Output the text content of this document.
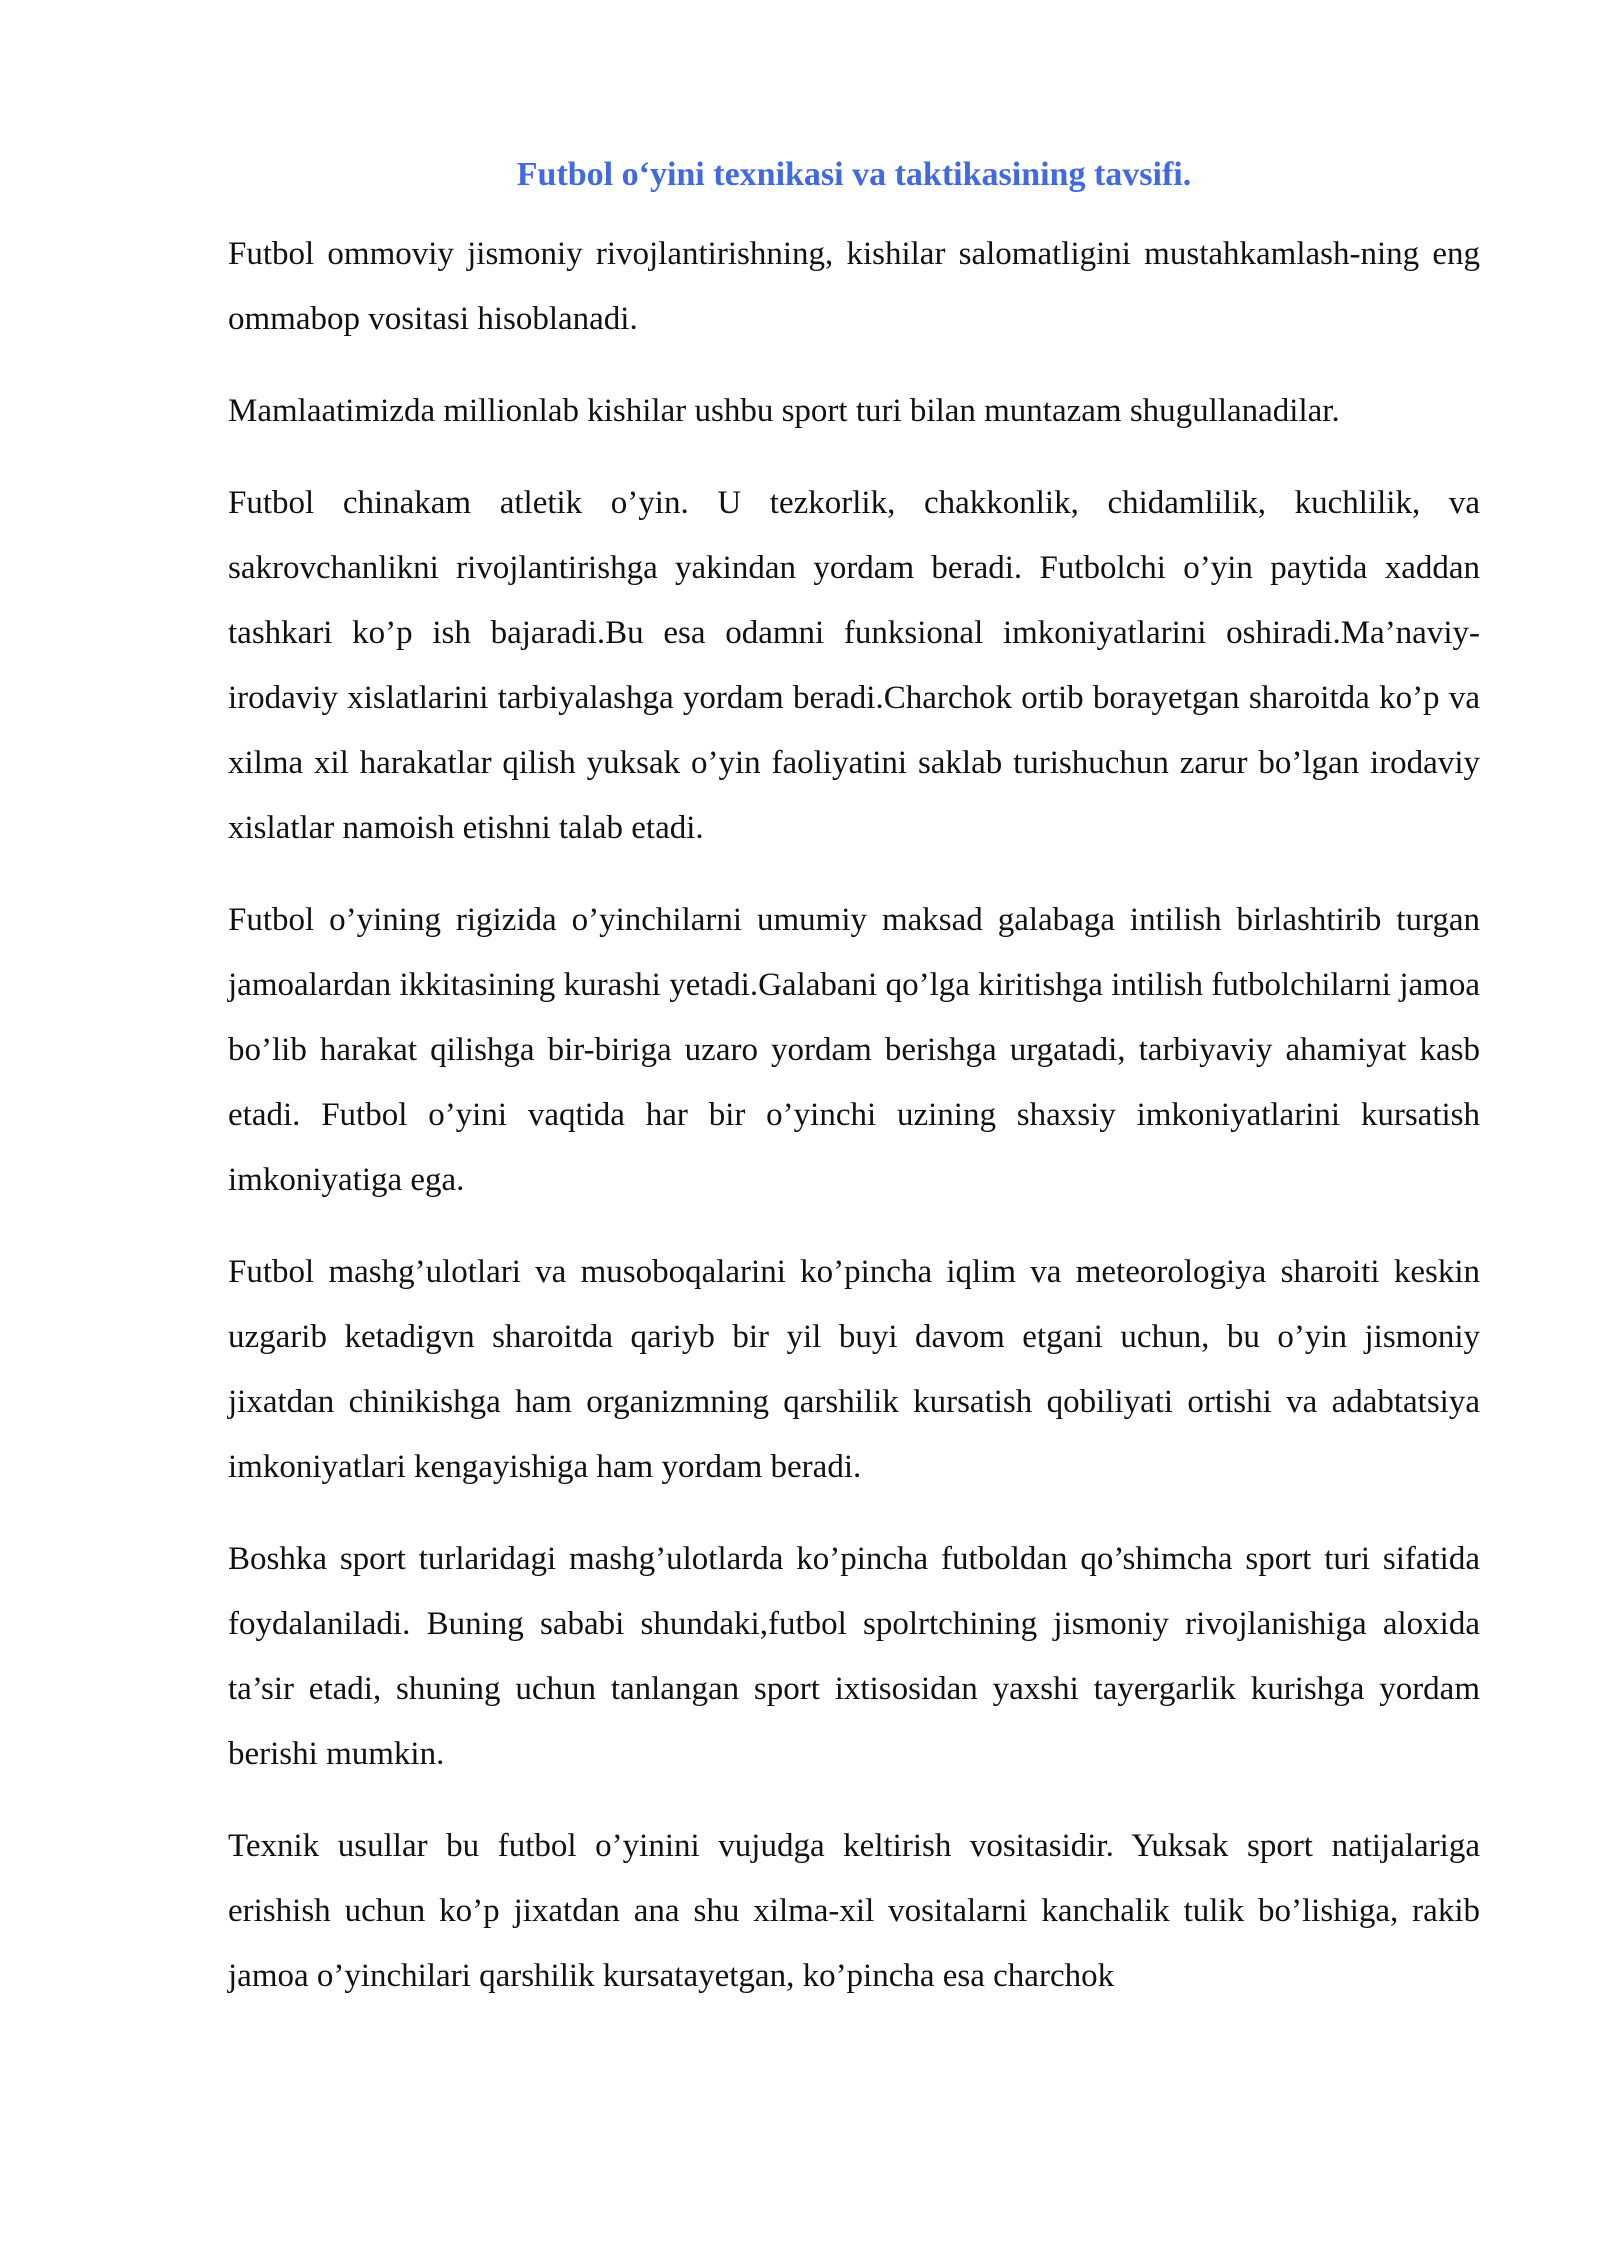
Futbol o‘yini texnikasi va taktikasining tavsifi.

Futbol ommoviy jismoniy rivojlantirishning, kishilar salomatligini mustahkamlash-ning eng ommabop vositasi hisoblanadi.

Mamlaatimizda millionlab kishilar ushbu sport turi bilan muntazam shugullanadilar.

Futbol chinakam atletik o’yin. U tezkorlik, chakkonlik, chidamlilik, kuchlilik, va sakrovchanlikni rivojlantirishga yakindan yordam beradi. Futbolchi o’yin paytida xaddan tashkari ko’p ish bajaradi.Bu esa odamni funksional imkoniyatlarini oshiradi.Ma’naviy-irodaviy xislatlarini tarbiyalashga yordam beradi.Charchok ortib borayetgan sharoitda ko’p va xilma xil harakatlar qilish yuksak o’yin faoliyatini saklab turishuchun zarur bo’lgan irodaviy xislatlar namoish etishni talab etadi.

Futbol o’yining rigizida o’yinchilarni umumiy maksad galabaga intilish birlashtirib turgan jamoalardan ikkitasining kurashi yetadi.Galabani qo’lga kiritishga intilish futbolchilarni jamoa bo’lib harakat qilishga bir-biriga uzaro yordam berishga urgatadi, tarbiyaviy ahamiyat kasb etadi. Futbol o’yini vaqtida har bir o’yinchi uzining shaxsiy imkoniyatlarini kursatish imkoniyatiga ega.

Futbol mashg’ulotlari va musoboqalarini ko’pincha iqlim va meteorologiya sharoiti keskin uzgarib ketadigvn sharoitda qariyb bir yil buyi davom etgani uchun, bu o’yin jismoniy jixatdan chinikishga ham organizmning qarshilik kursatish qobiliyati ortishi va adabtatsiya imkoniyatlari kengayishiga ham yordam beradi.

Boshka sport turlaridagi mashg’ulotlarda ko’pincha futboldan qo’shimcha sport turi sifatida foydalaniladi. Buning sababi shundaki,futbol spolrtchining jismoniy rivojlanishiga aloxida ta’sir etadi, shuning uchun tanlangan sport ixtisosidan yaxshi tayergarlik kurishga yordam berishi mumkin.

Texnik usullar bu futbol o’yinini vujudga keltirish vositasidir. Yuksak sport natijalariga erishish uchun ko’p jixatdan ana shu xilma-xil vositalarni kanchalik tulik bo’lishiga, rakib jamoa o’yinchilari qarshilik kursatayetgan, ko’pincha esa charchok
